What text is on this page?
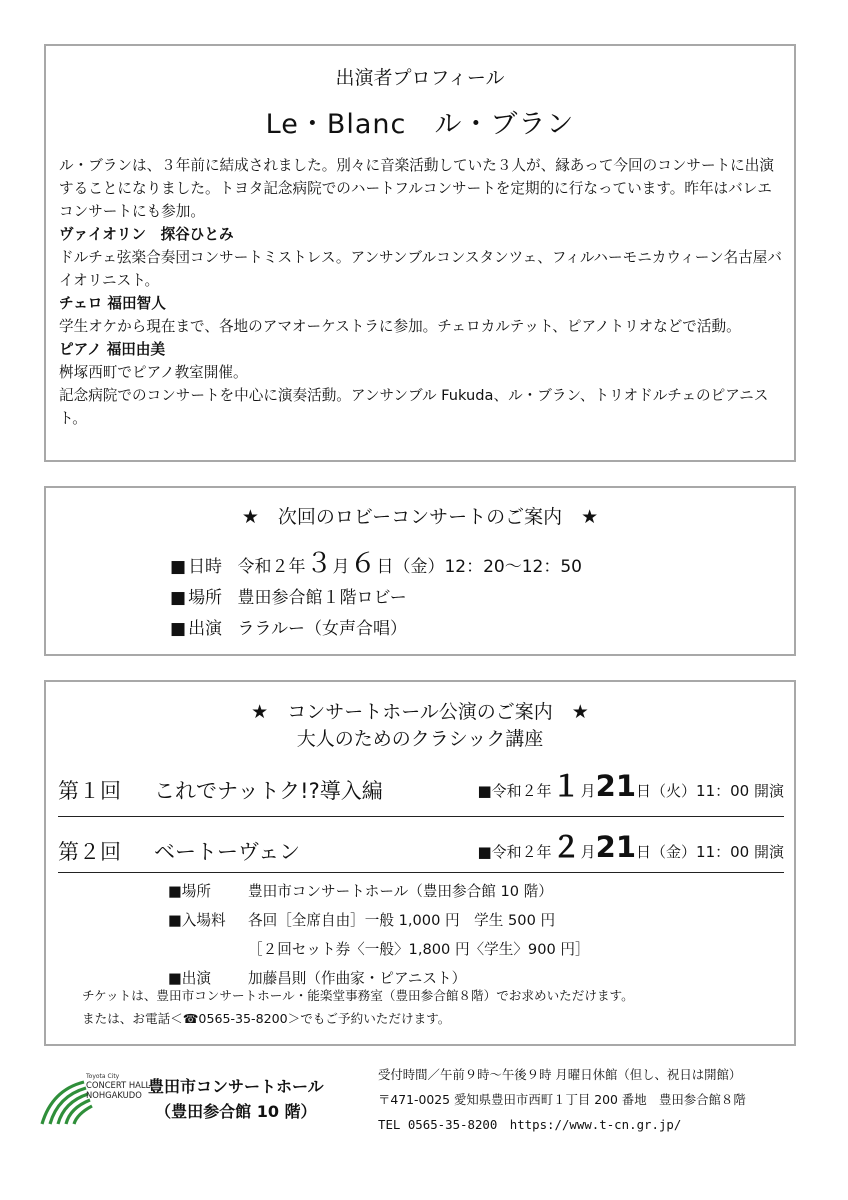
出演者プロフィール
Le・Blanc　ル・ブラン

ル・ブランは、３年前に結成されました。別々に音楽活動していた３人が、縁あって今回のコンサートに出演することになりました。トヨタ記念病院でのハートフルコンサートを定期的に行なっています。昨年はバレエコンサートにも参加。

ヴァイオリン　探谷ひとみ

ドルチェ弦楽合奏団コンサートミストレス。アンサンブルコンスタンツェ、フィルハーモニカウィーン名古屋バイオリニスト。

チェロ 福田智人

学生オケから現在まで、各地のアマオーケストラに参加。チェロカルテット、ピアノトリオなどで活動。

ピアノ 福田由美

桝塚西町でピアノ教室開催。

記念病院でのコンサートを中心に演奏活動。アンサンブル Fukuda、ル・ブラン、トリオドルチェのピアニスト。

★　次回のロビーコンサートのご案内　★
■ 日時 令和２年３月６日（金）12：20～12：50
■ 場所 豊田参合館１階ロビー
■ 出演 ララルー（女声合唱）
★　コンサートホール公演のご案内　★
大人のためのクラシック講座
第１回	これでナットク!?導入編	■令和２年１月21日（火）11：00 開演
第２回	ベートーヴェン	■令和２年２月21日（金）11：00 開演
■場所	豊田市コンサートホール（豊田参合館 10 階）
■入場料 各回［全席自由］一般 1,000 円　学生 500 円
［２回セット券〈一般〉1,800 円〈学生〉900 円］
■出演	加藤昌則（作曲家・ピアニスト）
チケットは、豊田市コンサートホール・能楽堂事務室（豊田参合館８階）でお求めいただけます。
または、お電話＜☎0565-35-8200＞でもご予約いただけます。
Toyota City
CONCERT HALL
NOHGAKUDO 豊田市コンサートホール
（豊田参合館 10 階）
受付時間／午前９時～午後９時 月曜日休館（但し、祝日は開館）
〒471-0025 愛知県豊田市西町１丁目 200 番地　豊田参合館８階
TEL 0565-35-8200　https://www.t-cn.gr.jp/
